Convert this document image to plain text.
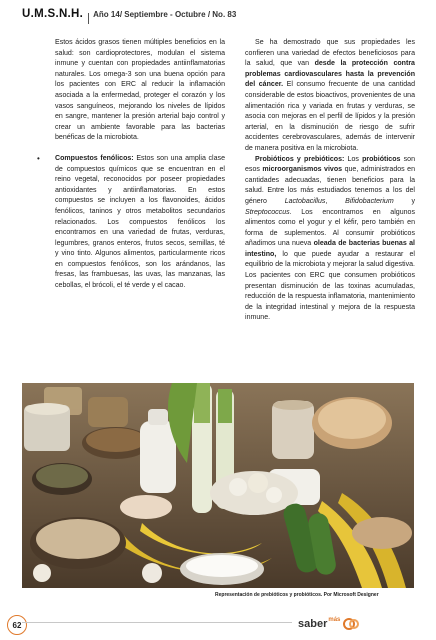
U.M.S.N.H. Año 14/ Septiembre - Octubre / No. 83

Estos ácidos grasos tienen múltiples beneficios en la salud: son cardioprotectores, modulan el sistema inmune y cuentan con propiedades antiinflamatorias naturales. Los omega-3 son una buena opción para los pacientes con ERC al reducir la inflamación asociada a la enfermedad, proteger el corazón y los vasos sanguíneos, mejorando los niveles de lípidos en sangre, mantener la presión arterial bajo control y crear un ambiente favorable para las bacterias benéficas de la microbiota.

• Compuestos fenólicos: Estos son una amplia clase de compuestos químicos que se encuentran en el reino vegetal, reconocidos por poseer propiedades antioxidantes y antiinflamatorias. En estos compuestos se incluyen a los flavonoides, ácidos fenólicos, taninos y otros metabolitos secundarios relacionados. Los compuestos fenólicos los encontramos en una variedad de frutas, verduras, legumbres, granos enteros, frutos secos, semillas, té y vino tinto. Algunos alimentos, particularmente ricos en compuestos fenólicos, son los arándanos, las fresas, las frambuesas, las uvas, las manzanas, las cebollas, el brócoli, el té verde y el cacao.

Se ha demostrado que sus propiedades les confieren una variedad de efectos beneficiosos para la salud, que van desde la protección contra problemas cardiovasculares hasta la prevención del cáncer. El consumo frecuente de una cantidad considerable de estos bioactivos, provenientes de una alimentación rica y variada en frutas y verduras, se asocia con mejoras en el perfil de lípidos y la presión arterial, en la disminución de riesgo de sufrir accidentes cerebrovasculares, además de intervenir de manera positiva en la microbiota.

Probióticos y prebióticos: Los probióticos son esos microorganismos vivos que, administrados en cantidades adecuadas, tienen beneficios para la salud. Entre los más estudiados tenemos a los del género Lactobacillus, Bifidobacterium y Streptococcus. Los encontramos en algunos alimentos como el yogur y el kéfir, pero también en forma de suplementos. Al consumir probióticos añadimos una nueva oleada de bacterias buenas al intestino, lo que puede ayudar a restaurar el equilibrio de la microbiota y mejorar la salud digestiva. Los pacientes con ERC que consumen probióticos presentan disminución de las toxinas acumuladas, reducción de la respuesta inflamatoria, mantenimiento de la integridad intestinal y mejora de la respuesta inmune.

Representación de prebióticos y probióticos. Por Microsoft Designer
62	saber más
